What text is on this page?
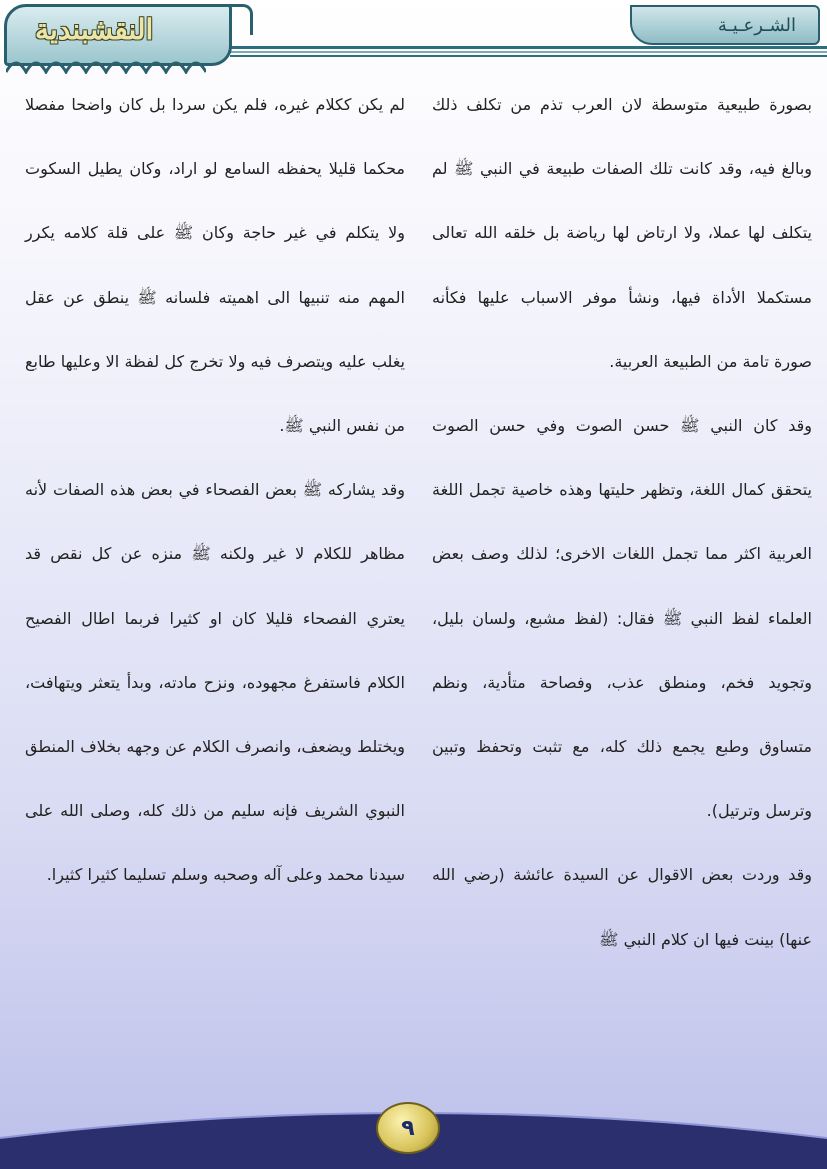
الشـرعـيـة
النقشبندية

بصورة طبيعية متوسطة لان العرب تذم من تكلف ذلك وبالغ فيه، وقد كانت تلك الصفات طبيعة في النبي ﷺ لم يتكلف لها عملا، ولا ارتاض لها رياضة بل خلقه الله تعالى مستكملا الأداة فيها، ونشأ موفر الاسباب عليها فكأنه صورة تامة من الطبيعة العربية.

وقد كان النبي ﷺ حسن الصوت وفي حسن الصوت يتحقق كمال اللغة، وتظهر حليتها وهذه خاصية تجمل اللغة العربية اكثر مما تجمل اللغات الاخرى؛ لذلك وصف بعض العلماء لفظ النبي ﷺ فقال: (لفظ مشبع، ولسان بليل، وتجويد فخم، ومنطق عذب، وفصاحة متأدية، ونظم متساوق وطبع يجمع ذلك كله، مع تثبت وتحفظ وتبين وترسل وترتيل).

وقد وردت بعض الاقوال عن السيدة عائشة (رضي الله عنها) بينت فيها ان كلام النبي ﷺ

لم يكن ككلام غيره، فلم يكن سردا بل كان واضحا مفصلا محكما قليلا يحفظه السامع لو اراد، وكان يطيل السكوت ولا يتكلم في غير حاجة وكان ﷺ على قلة كلامه يكرر المهم منه تنبيها الى اهميته فلسانه ﷺ ينطق عن عقل يغلب عليه ويتصرف فيه ولا تخرج كل لفظة الا وعليها طابع من نفس النبي ﷺ.

وقد يشاركه ﷺ بعض الفصحاء في بعض هذه الصفات لأنه مظاهر للكلام لا غير ولكنه ﷺ منزه عن كل نقص قد يعتري الفصحاء قليلا كان او كثيرا فربما اطال الفصيح الكلام فاستفرغ مجهوده، ونزح مادته، وبدأ يتعثر ويتهافت، ويختلط ويضعف، وانصرف الكلام عن وجهه بخلاف المنطق النبوي الشريف فإنه سليم من ذلك كله، وصلى الله على سيدنا محمد وعلى آله وصحبه وسلم تسليما كثيرا كثيرا.

٩
